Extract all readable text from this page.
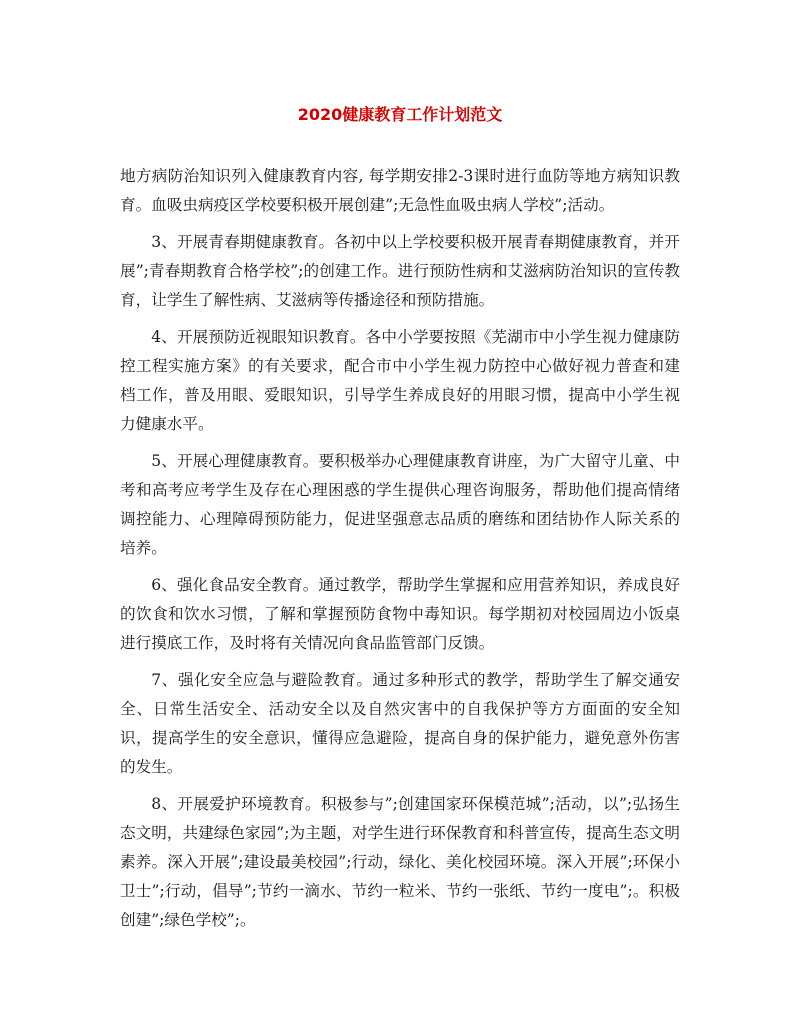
2020健康教育工作计划范文

地方病防治知识列入健康教育内容, 每学期安排2-3课时进行血防等地方病知识教育。血吸虫病疫区学校要积极开展创建”;无急性血吸虫病人学校”;活动。

3、开展青春期健康教育。各初中以上学校要积极开展青春期健康教育，并开展”;青春期教育合格学校”;的创建工作。进行预防性病和艾滋病防治知识的宣传教育，让学生了解性病、艾滋病等传播途径和预防措施。

4、开展预防近视眼知识教育。各中小学要按照《芜湖市中小学生视力健康防控工程实施方案》的有关要求，配合市中小学生视力防控中心做好视力普查和建档工作，普及用眼、爱眼知识，引导学生养成良好的用眼习惯，提高中小学生视力健康水平。

5、开展心理健康教育。要积极举办心理健康教育讲座，为广大留守儿童、中考和高考应考学生及存在心理困惑的学生提供心理咨询服务，帮助他们提高情绪调控能力、心理障碍预防能力，促进坚强意志品质的磨练和团结协作人际关系的培养。

6、强化食品安全教育。通过教学，帮助学生掌握和应用营养知识，养成良好的饮食和饮水习惯，了解和掌握预防食物中毒知识。每学期初对校园周边小饭桌进行摸底工作，及时将有关情况向食品监管部门反馈。

7、强化安全应急与避险教育。通过多种形式的教学，帮助学生了解交通安全、日常生活安全、活动安全以及自然灾害中的自我保护等方方面面的安全知识，提高学生的安全意识，懂得应急避险，提高自身的保护能力，避免意外伤害的发生。

8、开展爱护环境教育。积极参与”;创建国家环保模范城”;活动，以”;弘扬生态文明，共建绿色家园”;为主题，对学生进行环保教育和科普宣传，提高生态文明素养。深入开展”;建设最美校园”;行动，绿化、美化校园环境。深入开展”;环保小卫士”;行动，倡导”;节约一滴水、节约一粒米、节约一张纸、节约一度电”;。积极创建”;绿色学校”;。
